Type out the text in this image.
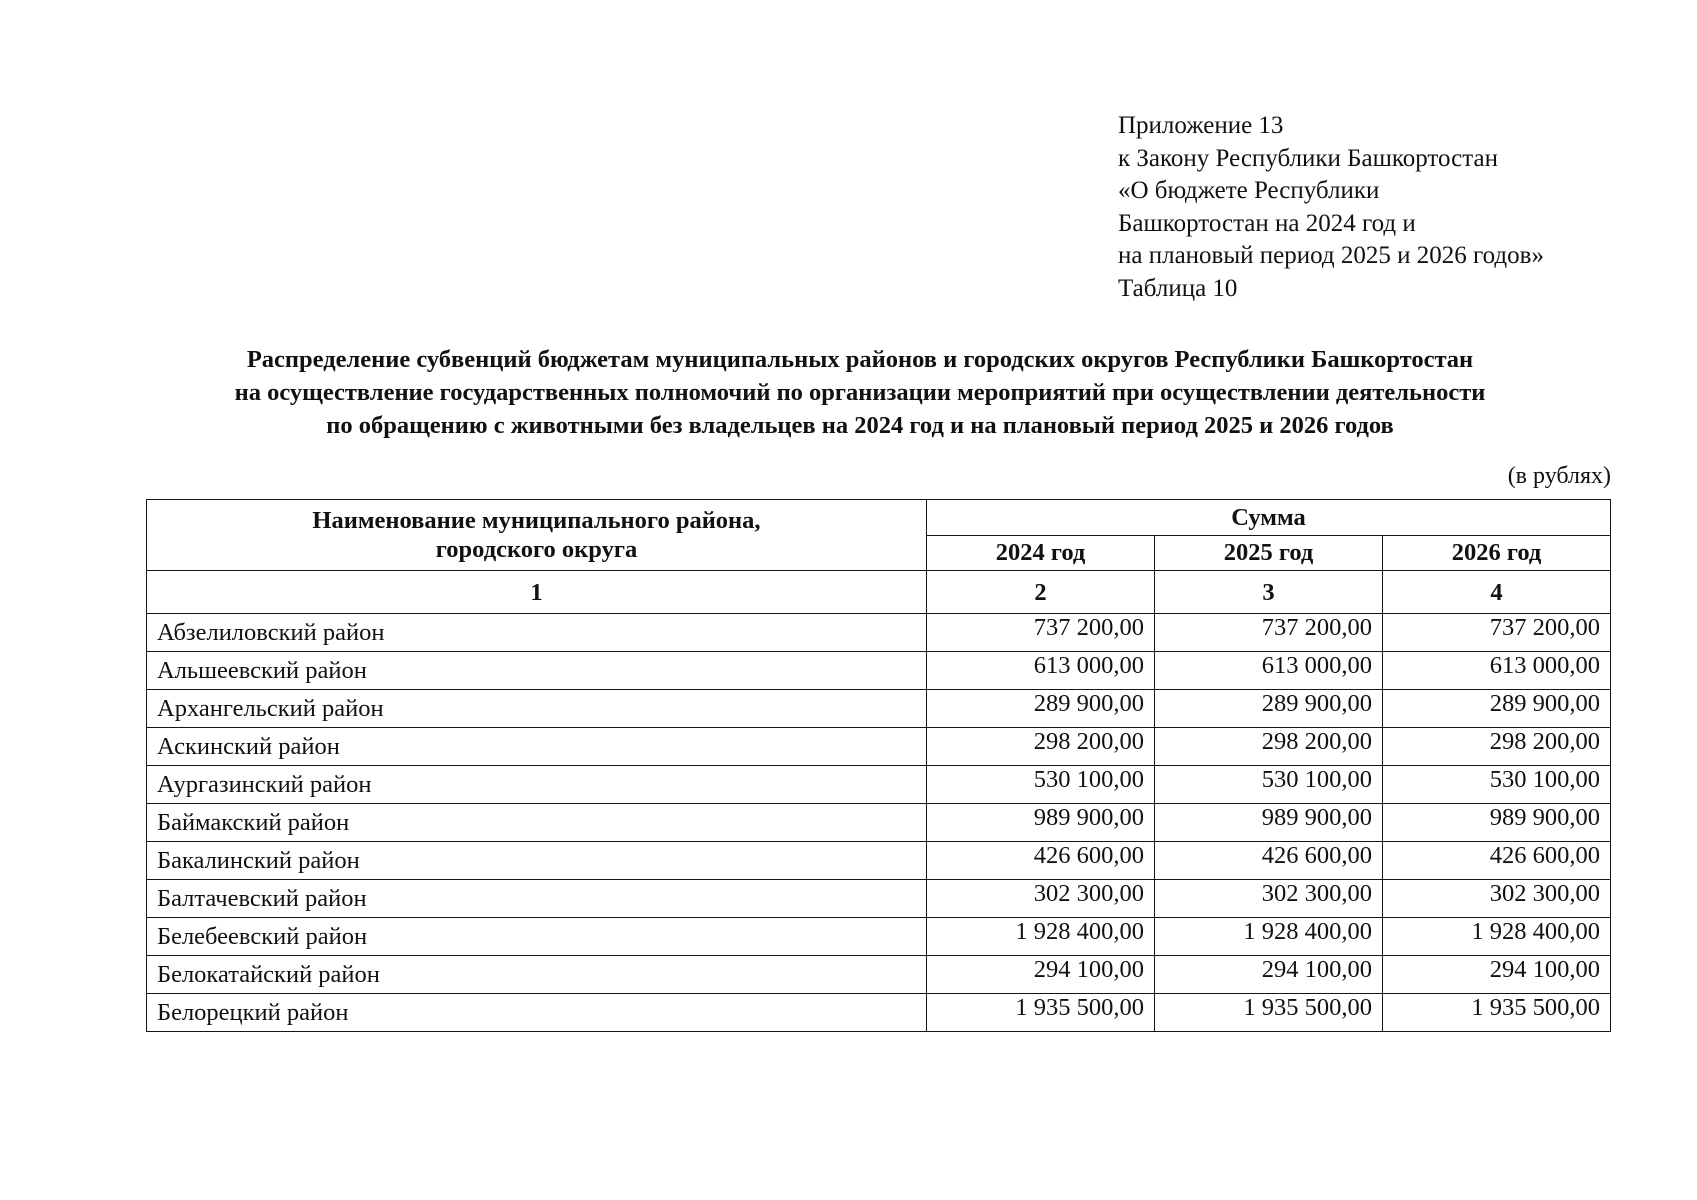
Приложение 13
к Закону Республики Башкортостан
«О бюджете Республики
Башкортостан на 2024 год и
на плановый период 2025 и 2026 годов»
Таблица 10
Распределение субвенций бюджетам муниципальных районов и городских округов Республики Башкортостан
на осуществление государственных полномочий по организации мероприятий при осуществлении деятельности
по обращению с животными без владельцев на 2024 год и на плановый период 2025 и 2026 годов
(в рублях)
Наименование муниципального района,
городского округа	Сумма		
	2024 год	2025 год	2026 год
1	2	3	4
Абзелиловский район	737 200,00	737 200,00	737 200,00
Альшеевский район	613 000,00	613 000,00	613 000,00
Архангельский район	289 900,00	289 900,00	289 900,00
Аскинский район	298 200,00	298 200,00	298 200,00
Аургазинский район	530 100,00	530 100,00	530 100,00
Баймакский район	989 900,00	989 900,00	989 900,00
Бакалинский район	426 600,00	426 600,00	426 600,00
Балтачевский район	302 300,00	302 300,00	302 300,00
Белебеевский район	1 928 400,00	1 928 400,00	1 928 400,00
Белокатайский район	294 100,00	294 100,00	294 100,00
Белорецкий район	1 935 500,00	1 935 500,00	1 935 500,00
